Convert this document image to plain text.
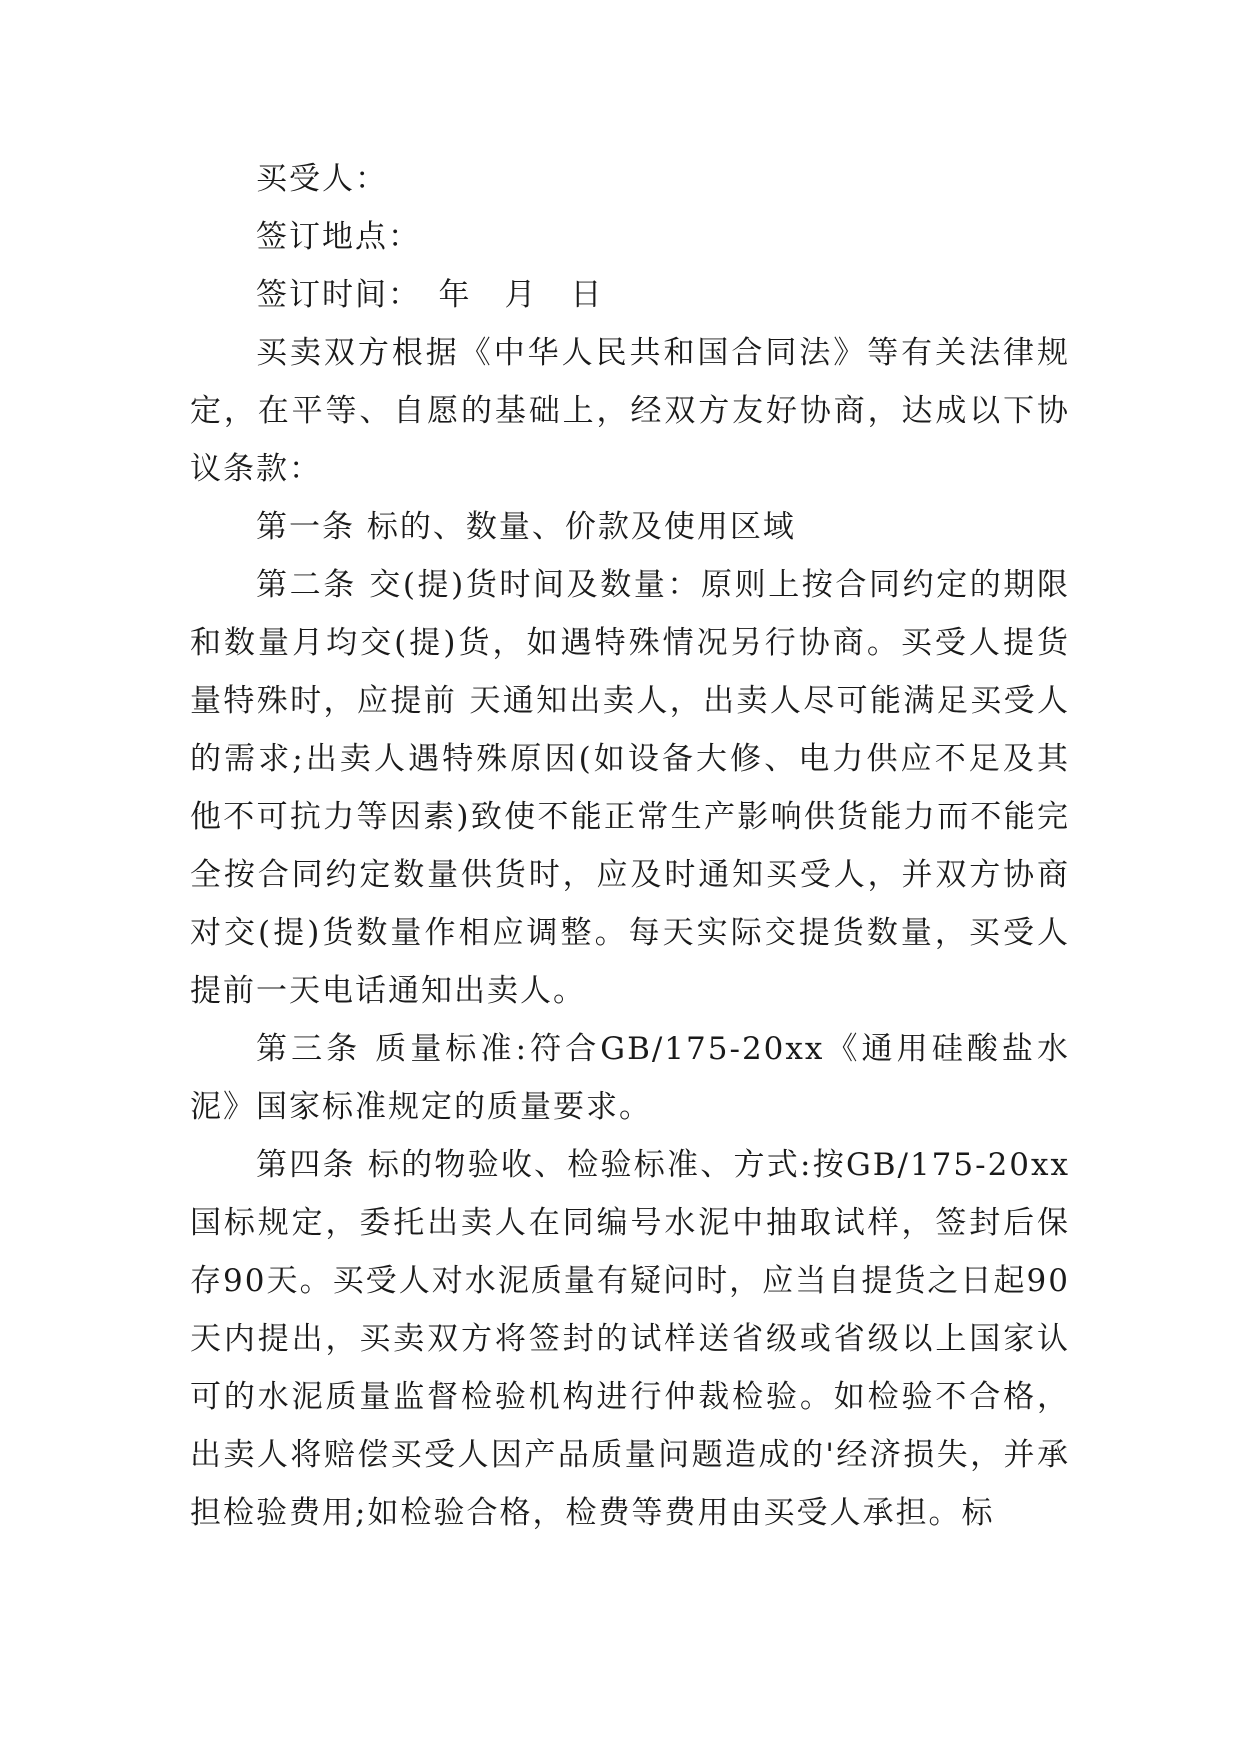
买受人：

签订地点：

签订时间：　年　月　日

买卖双方根据《中华人民共和国合同法》等有关法律规定，在平等、自愿的基础上，经双方友好协商，达成以下协议条款：

第一条 标的、数量、价款及使用区域

第二条 交(提)货时间及数量：原则上按合同约定的期限和数量月均交(提)货，如遇特殊情况另行协商。买受人提货量特殊时，应提前 天通知出卖人，出卖人尽可能满足买受人的需求;出卖人遇特殊原因(如设备大修、电力供应不足及其他不可抗力等因素)致使不能正常生产影响供货能力而不能完全按合同约定数量供货时，应及时通知买受人，并双方协商对交(提)货数量作相应调整。每天实际交提货数量，买受人提前一天电话通知出卖人。

第三条 质量标准:符合GB/175-20xx《通用硅酸盐水泥》国家标准规定的质量要求。

第四条 标的物验收、检验标准、方式:按GB/175-20xx国标规定，委托出卖人在同编号水泥中抽取试样，签封后保存90天。买受人对水泥质量有疑问时，应当自提货之日起90天内提出，买卖双方将签封的试样送省级或省级以上国家认可的水泥质量监督检验机构进行仲裁检验。如检验不合格，出卖人将赔偿买受人因产品质量问题造成的'经济损失，并承担检验费用;如检验合格，检费等费用由买受人承担。标
